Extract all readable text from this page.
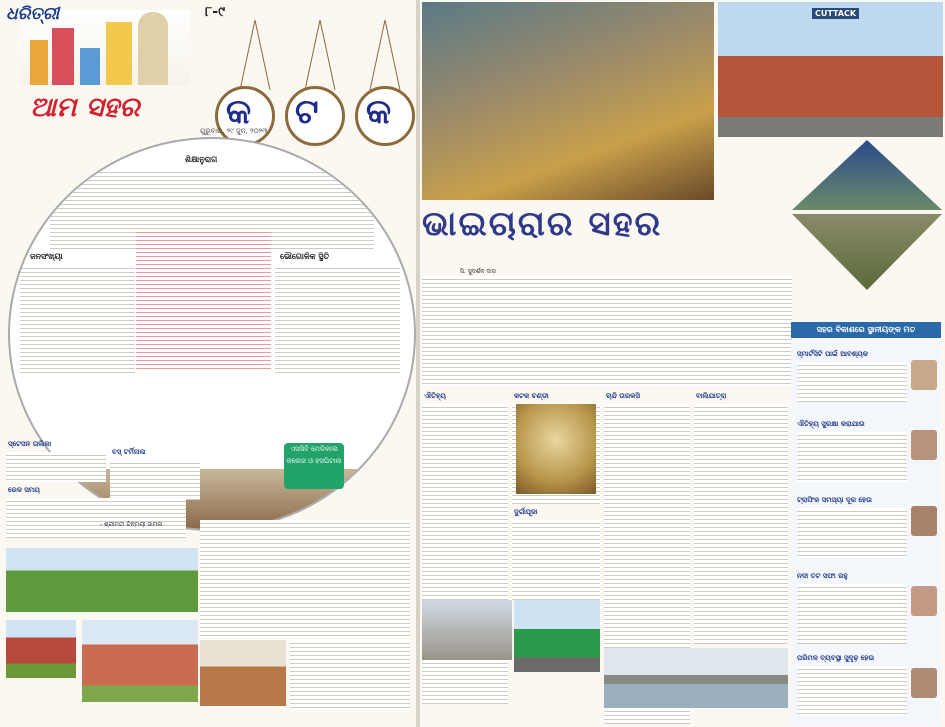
ଧରିତ୍ରୀ	୮-୯
ଆମ ସହର	କ ଟ କ
ଗୁରୁବାର, ୨୯ ଜୁନ, ୨୦୨୩
ଶିକ୍ଷାନୁରାଗ
ଜନସଂଖ୍ୟା	ଭୌଗୋଳିକ ସ୍ଥିତି
ଏସସିବି ମେଡିକାଲ କଲେଜ ଓ ହସପିଟାଲ
ସ୍ଟେସନ ତାଲିକା
ବସ୍ ଟର୍ମିନାଲ
ରେଳ ସମୟ
- ଶ୍ରୀମତୀ ଚିନ୍ମୟୀ ସାମଲ
CUTTACK
ଭାଇଚାରାର ସହର
ସି. ସୁଦର୍ଶନ ଦାସ
ସହର ବିକାଶରେ ସ୍ଥାନୀୟଙ୍କ ମତ
ସ୍ମାର୍ଟସିଟି ପାଇଁ ଆବଶ୍ୟକ
ଐତିହ୍ୟ ସୁରକ୍ଷା କରାଯାଉ
ଟ୍ରାଫିକ ସମସ୍ୟା ଦୂର ହେଉ
ନଦୀ ତଟ ସଫା ରହୁ
ପରିମଳ ବ୍ୟବସ୍ଥା ସୁଦୃଢ଼ ହେଉ
ଐତିହ୍ୟ	କଟକ ଚଣ୍ଡୀ
ଦୁର୍ଗାପୂଜା
ଚାନ୍ଦି ତାରକସି	ବାଲିଯାତ୍ରା
